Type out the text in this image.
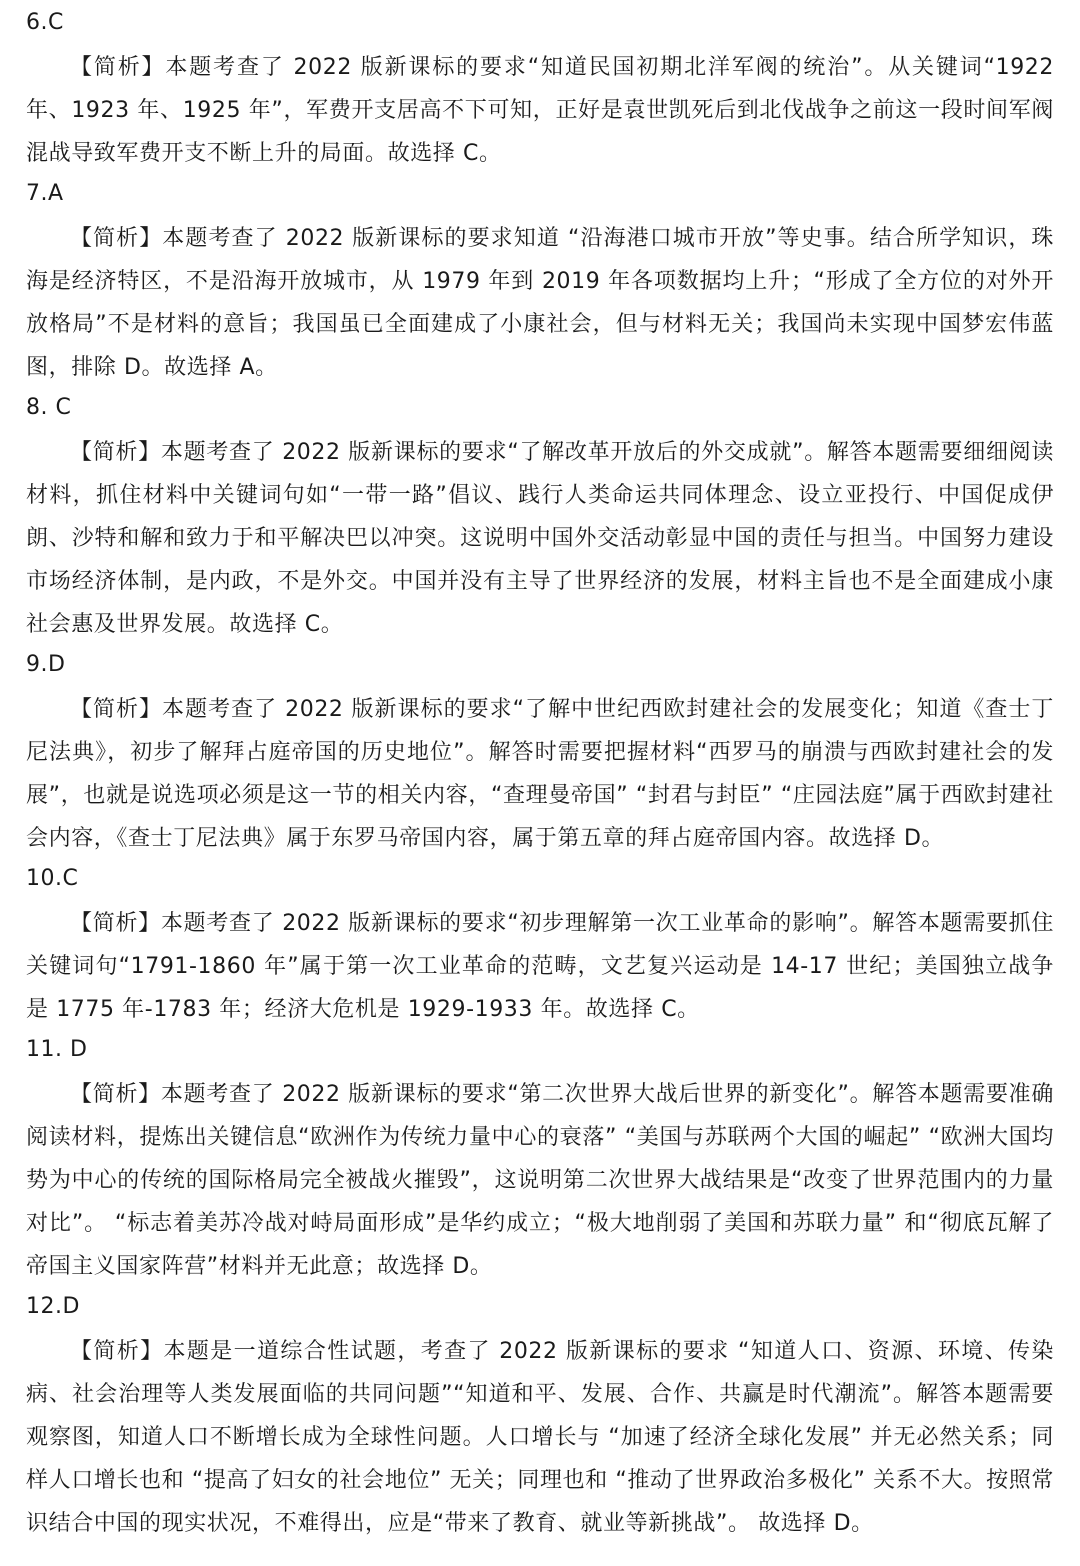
6.C

【简析】本题考查了 2022 版新课标的要求“知道民国初期北洋军阀的统治”。从关键词“1922 年、1923 年、1925 年”，军费开支居高不下可知，正好是袁世凯死后到北伐战争之前这一段时间军阀混战导致军费开支不断上升的局面。故选择 C。

7.A

【简析】本题考查了 2022 版新课标的要求知道 “沿海港口城市开放”等史事。结合所学知识，珠海是经济特区，不是沿海开放城市，从 1979 年到 2019 年各项数据均上升；“形成了全方位的对外开放格局”不是材料的意旨；我国虽已全面建成了小康社会，但与材料无关；我国尚未实现中国梦宏伟蓝图，排除 D。故选择 A。

8. C

【简析】本题考查了 2022 版新课标的要求“了解改革开放后的外交成就”。解答本题需要细细阅读材料，抓住材料中关键词句如“一带一路”倡议、践行人类命运共同体理念、设立亚投行、中国促成伊朗、沙特和解和致力于和平解决巴以冲突。这说明中国外交活动彰显中国的责任与担当。中国努力建设市场经济体制，是内政，不是外交。中国并没有主导了世界经济的发展，材料主旨也不是全面建成小康社会惠及世界发展。故选择 C。

9.D

【简析】本题考查了 2022 版新课标的要求“了解中世纪西欧封建社会的发展变化；知道《查士丁尼法典》，初步了解拜占庭帝国的历史地位”。解答时需要把握材料“西罗马的崩溃与西欧封建社会的发展”，也就是说选项必须是这一节的相关内容，“查理曼帝国” “封君与封臣” “庄园法庭”属于西欧封建社会内容，《查士丁尼法典》属于东罗马帝国内容，属于第五章的拜占庭帝国内容。故选择 D。

10.C

【简析】本题考查了 2022 版新课标的要求“初步理解第一次工业革命的影响”。解答本题需要抓住关键词句“1791-1860 年”属于第一次工业革命的范畴，文艺复兴运动是 14-17 世纪；美国独立战争是 1775 年-1783 年；经济大危机是 1929-1933 年。故选择 C。

11. D

【简析】本题考查了 2022 版新课标的要求“第二次世界大战后世界的新变化”。解答本题需要准确阅读材料，提炼出关键信息“欧洲作为传统力量中心的衰落” “美国与苏联两个大国的崛起” “欧洲大国均势为中心的传统的国际格局完全被战火摧毁”，这说明第二次世界大战结果是“改变了世界范围内的力量对比”。 “标志着美苏冷战对峙局面形成”是华约成立；“极大地削弱了美国和苏联力量” 和“彻底瓦解了帝国主义国家阵营”材料并无此意；故选择 D。

12.D

【简析】本题是一道综合性试题，考查了 2022 版新课标的要求 “知道人口、资源、环境、传染病、社会治理等人类发展面临的共同问题”“知道和平、发展、合作、共赢是时代潮流”。解答本题需要观察图，知道人口不断增长成为全球性问题。人口增长与 “加速了经济全球化发展” 并无必然关系；同样人口增长也和 “提高了妇女的社会地位” 无关；同理也和 “推动了世界政治多极化” 关系不大。按照常识结合中国的现实状况，不难得出，应是“带来了教育、就业等新挑战”。 故选择 D。
